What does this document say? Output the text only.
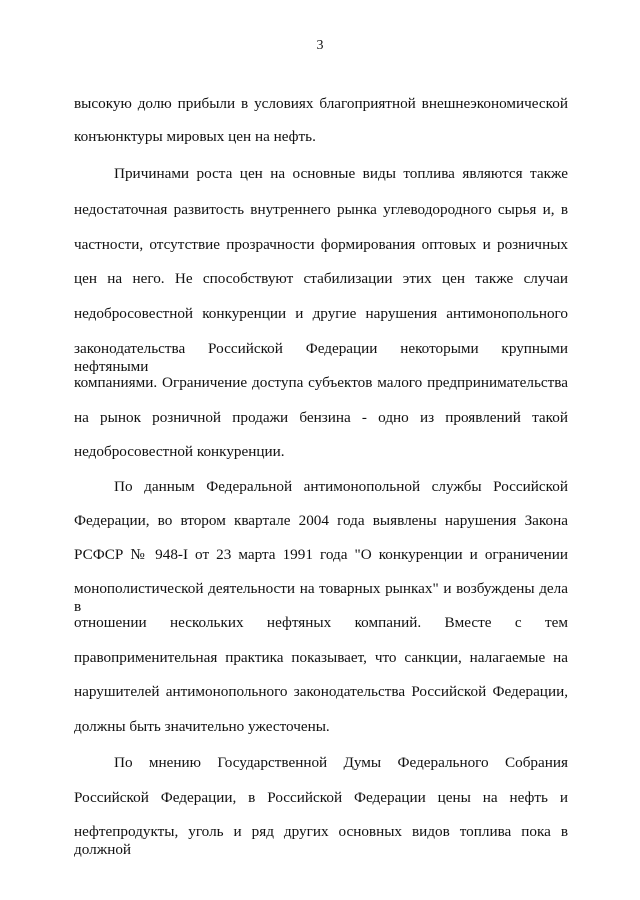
3
высокую долю прибыли в условиях благоприятной внешнеэкономической
конъюнктуры мировых цен на нефть.
Причинами роста цен на основные виды топлива являются также
недостаточная развитость внутреннего рынка углеводородного сырья и, в
частности, отсутствие прозрачности формирования оптовых и розничных
цен на него. Не способствуют стабилизации этих цен также случаи
недобросовестной конкуренции и другие нарушения антимонопольного
законодательства Российской Федерации некоторыми крупными нефтяными
компаниями. Ограничение доступа субъектов малого предпринимательства
на рынок розничной продажи бензина - одно из проявлений такой
недобросовестной конкуренции.
По данным Федеральной антимонопольной службы Российской
Федерации, во втором квартале 2004 года выявлены нарушения Закона
РСФСР № 948-I от 23 марта 1991 года "О конкуренции и ограничении
монополистической деятельности на товарных рынках" и возбуждены дела в
отношении нескольких нефтяных компаний. Вместе с тем
правоприменительная практика показывает, что санкции, налагаемые на
нарушителей антимонопольного законодательства Российской Федерации,
должны быть значительно ужесточены.
По мнению Государственной Думы Федерального Собрания
Российской Федерации, в Российской Федерации цены на нефть и
нефтепродукты, уголь и ряд других основных видов топлива пока в должной
